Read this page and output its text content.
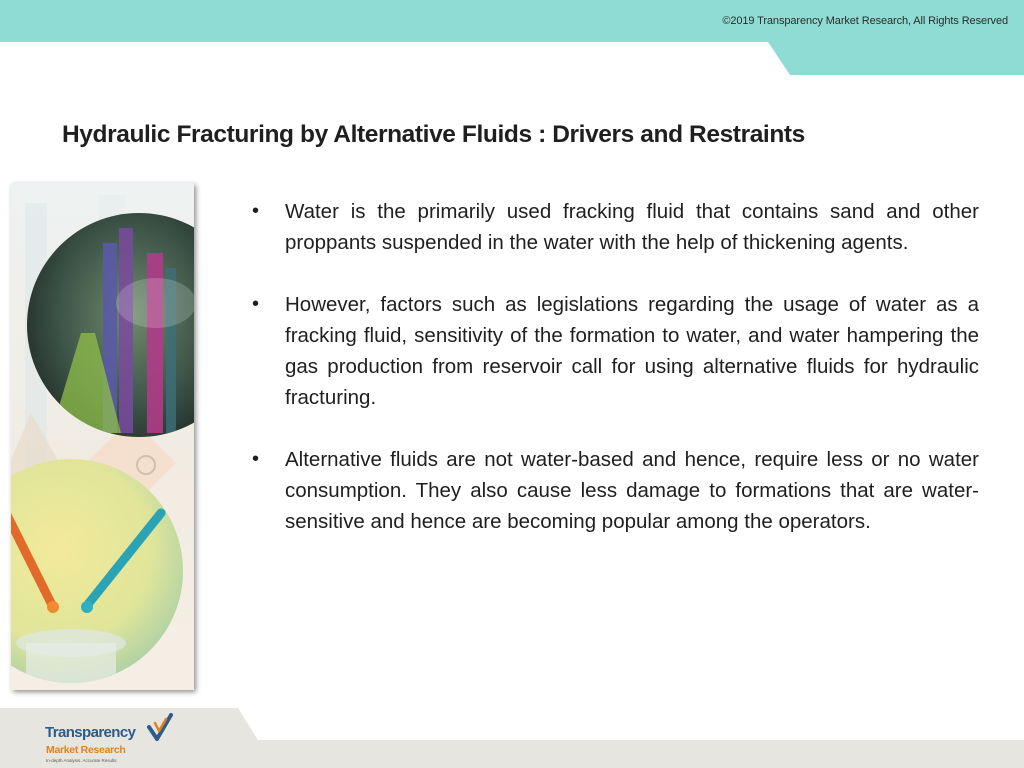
©2019 Transparency Market Research, All Rights Reserved
Hydraulic Fracturing by Alternative Fluids : Drivers and Restraints
• Water is the primarily used fracking fluid that contains sand and other proppants suspended in the water with the help of thickening agents.
• However, factors such as legislations regarding the usage of water as a fracking fluid, sensitivity of the formation to water, and water hampering the gas production from reservoir call for using alternative fluids for hydraulic fracturing.
• Alternative fluids are not water-based and hence, require less or no water consumption. They also cause less damage to formations that are water-sensitive and hence are becoming popular among the operators.
Transparency
Market Research
In-depth Analysis. Accurate Results
